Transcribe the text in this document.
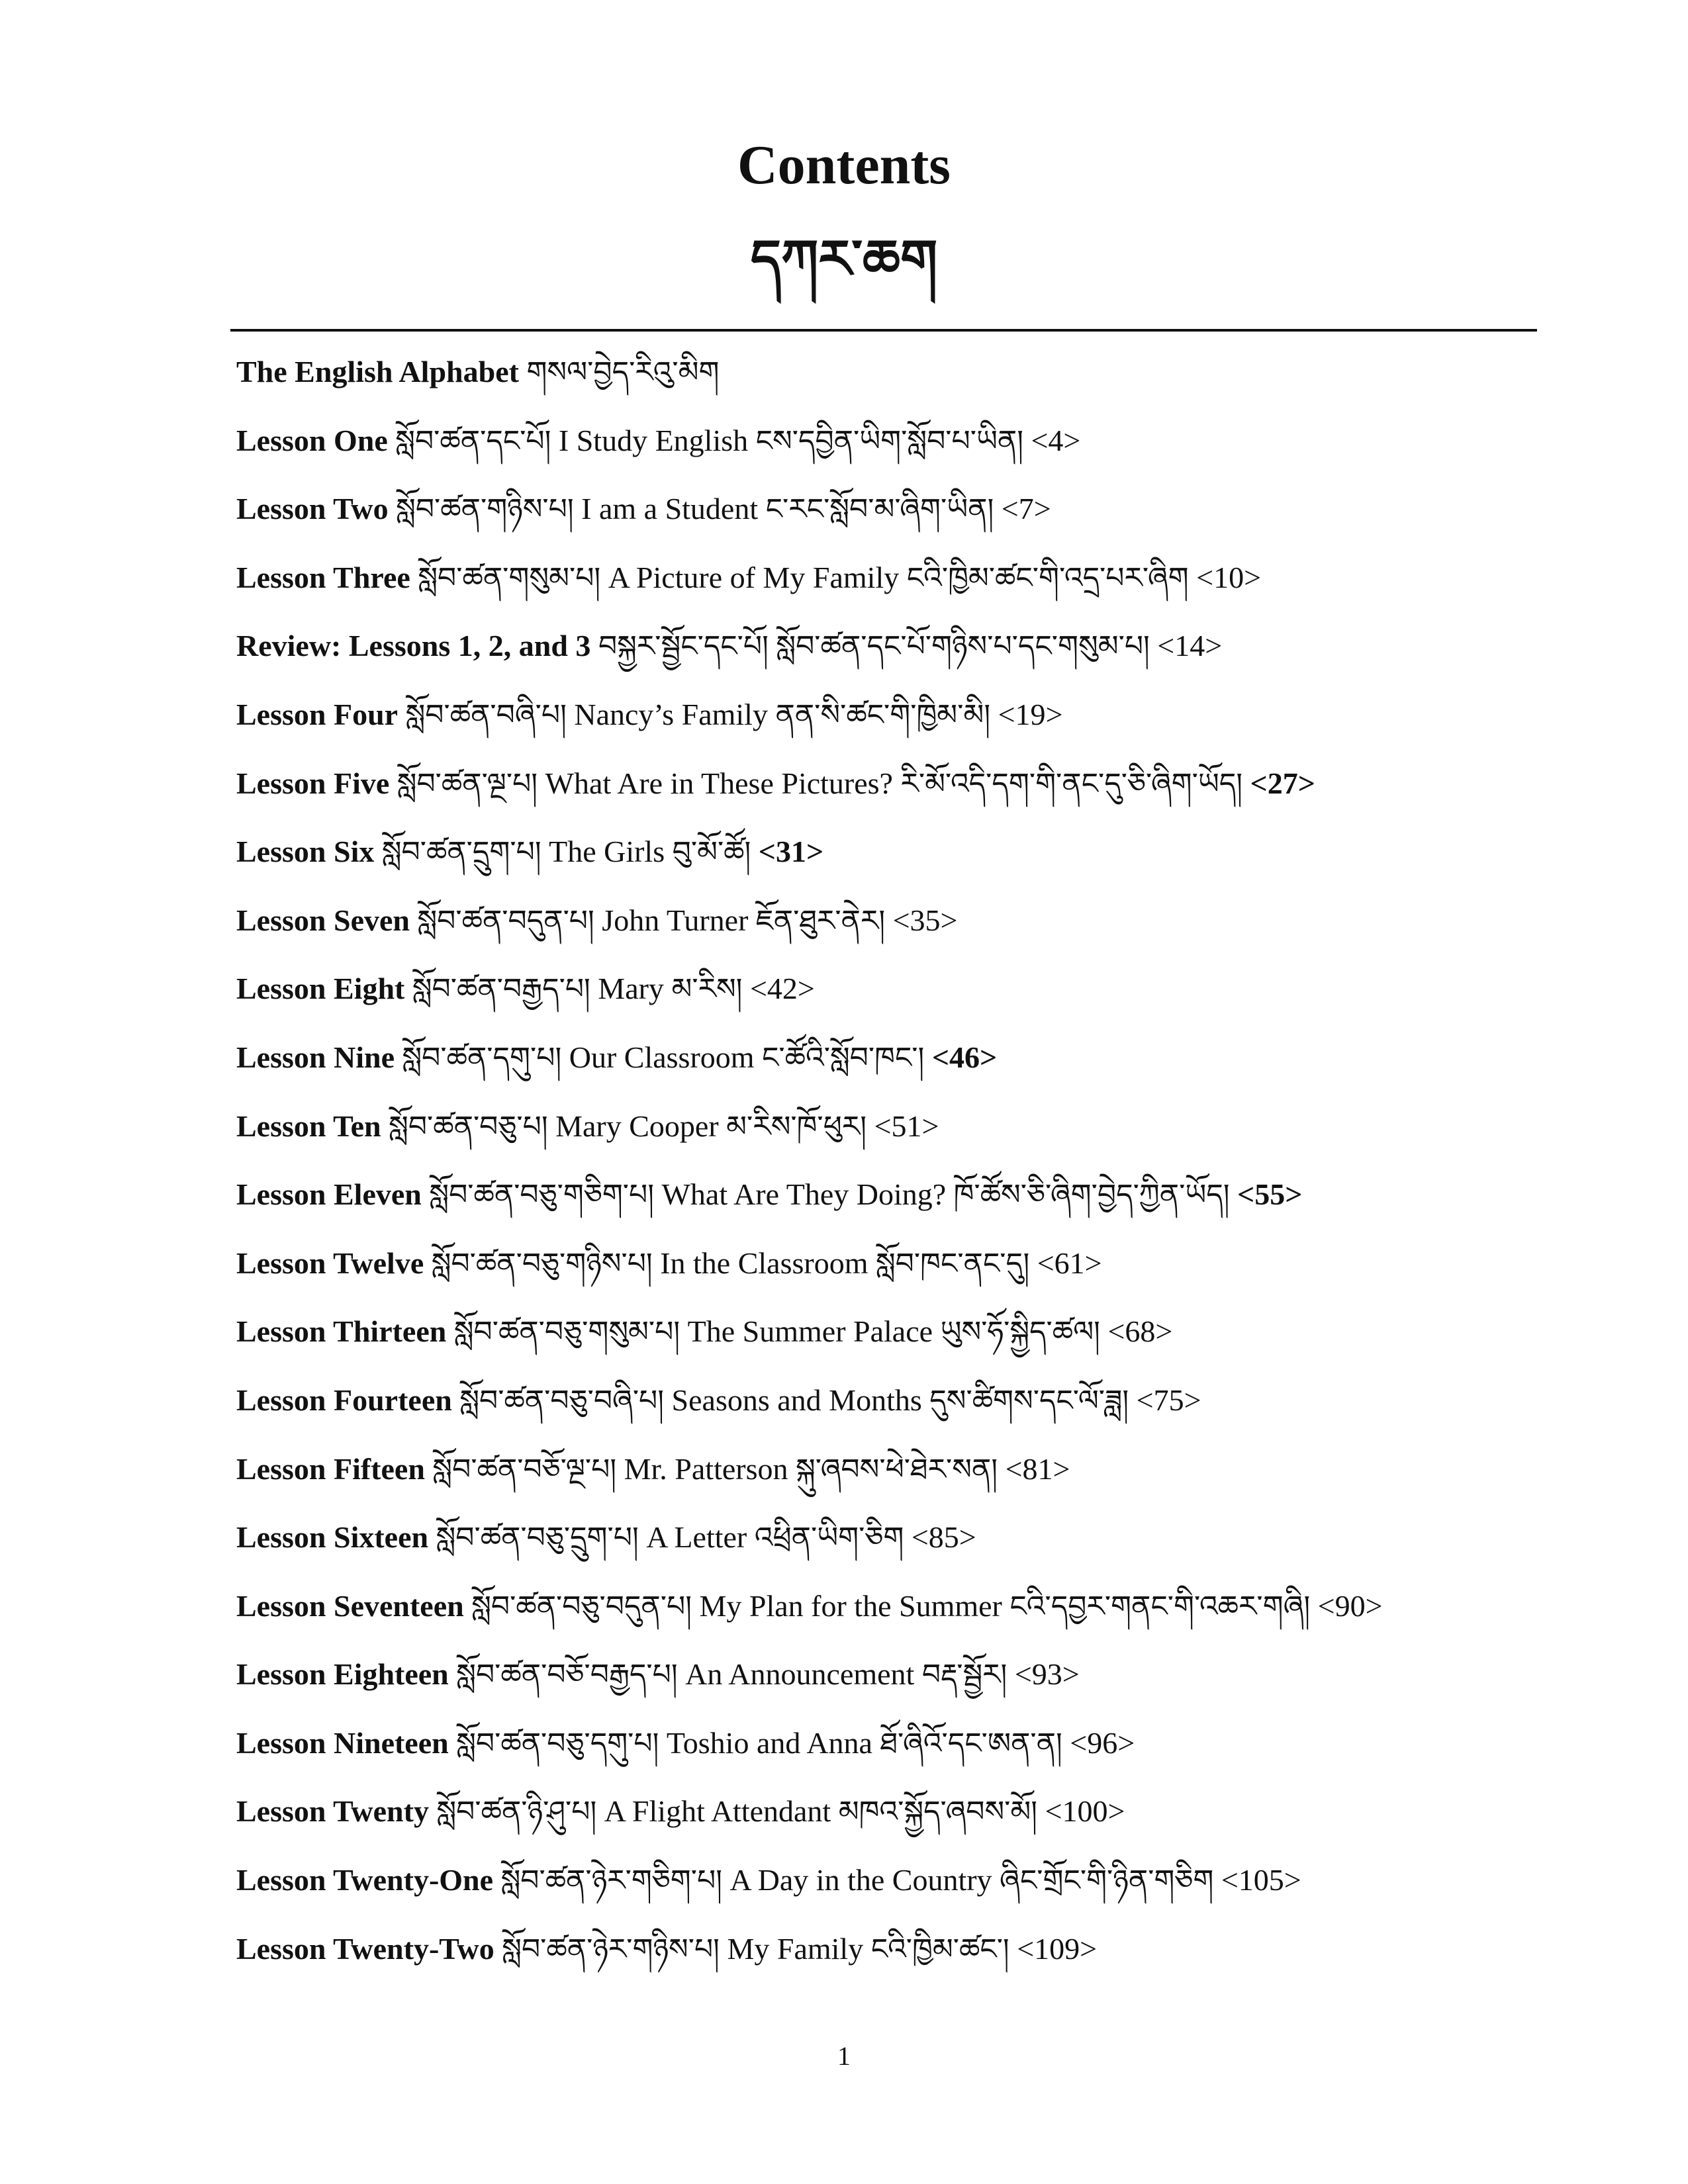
Contents
དཀར་ཆག
The English Alphabet གསལ་བྱེད་རིའུ་མིག
Lesson One སློབ་ཚན་དང་པོ། I Study English ངས་དབྱིན་ཡིག་སློབ་པ་ཡིན། <4>
Lesson Two སློབ་ཚན་གཉིས་པ། I am a Student ང་རང་སློབ་མ་ཞིག་ཡིན། <7>
Lesson Three སློབ་ཚན་གསུམ་པ། A Picture of My Family ངའི་ཁྱིམ་ཚང་གི་འདྲ་པར་ཞིག <10>
Review: Lessons 1, 2, and 3 བསྐྱར་སྦྱོང་དང་པོ། སློབ་ཚན་དང་པོ་གཉིས་པ་དང་གསུམ་པ། <14>
Lesson Four སློབ་ཚན་བཞི་པ། Nancy’s Family ནན་སི་ཚང་གི་ཁྱིམ་མི། <19>
Lesson Five སློབ་ཚན་ལྔ་པ། What Are in These Pictures? རི་མོ་འདི་དག་གི་ནང་དུ་ཅི་ཞིག་ཡོད། <27>
Lesson Six སློབ་ཚན་དྲུག་པ། The Girls བུ་མོ་ཚོ། <31>
Lesson Seven སློབ་ཚན་བདུན་པ། John Turner ཇོན་ཐུར་ནེར། <35>
Lesson Eight སློབ་ཚན་བརྒྱད་པ། Mary མ་རིས། <42>
Lesson Nine སློབ་ཚན་དགུ་པ། Our Classroom ང་ཚོའི་སློབ་ཁང་། <46>
Lesson Ten སློབ་ཚན་བཅུ་པ། Mary Cooper མ་རིས་ཁོ་ཕུར། <51>
Lesson Eleven སློབ་ཚན་བཅུ་གཅིག་པ། What Are They Doing? ཁོ་ཚོས་ཅི་ཞིག་བྱེད་ཀྱིན་ཡོད། <55>
Lesson Twelve སློབ་ཚན་བཅུ་གཉིས་པ། In the Classroom སློབ་ཁང་ནང་དུ། <61>
Lesson Thirteen སློབ་ཚན་བཅུ་གསུམ་པ། The Summer Palace ཡུས་ཧོ་སྐྱིད་ཚལ། <68>
Lesson Fourteen སློབ་ཚན་བཅུ་བཞི་པ། Seasons and Months དུས་ཚིགས་དང་ལོ་ཟླ། <75>
Lesson Fifteen སློབ་ཚན་བཅོ་ལྔ་པ། Mr. Patterson སྐུ་ཞབས་ཕེ་ཐེར་སན། <81>
Lesson Sixteen སློབ་ཚན་བཅུ་དྲུག་པ། A Letter འཕྲིན་ཡིག་ཅིག <85>
Lesson Seventeen སློབ་ཚན་བཅུ་བདུན་པ། My Plan for the Summer ངའི་དབྱར་གནང་གི་འཆར་གཞི། <90>
Lesson Eighteen སློབ་ཚན་བཅོ་བརྒྱད་པ། An Announcement བརྡ་སྦྱོར། <93>
Lesson Nineteen སློབ་ཚན་བཅུ་དགུ་པ། Toshio and Anna ཐོ་ཞིའོ་དང་ཨན་ན། <96>
Lesson Twenty སློབ་ཚན་ཉི་ཤུ་པ། A Flight Attendant མཁའ་སྐྱོད་ཞབས་མོ། <100>
Lesson Twenty-One སློབ་ཚན་ཉེར་གཅིག་པ། A Day in the Country ཞིང་གྲོང་གི་ཉིན་གཅིག <105>
Lesson Twenty-Two སློབ་ཚན་ཉེར་གཉིས་པ། My Family ངའི་ཁྱིམ་ཚང་། <109>
1
